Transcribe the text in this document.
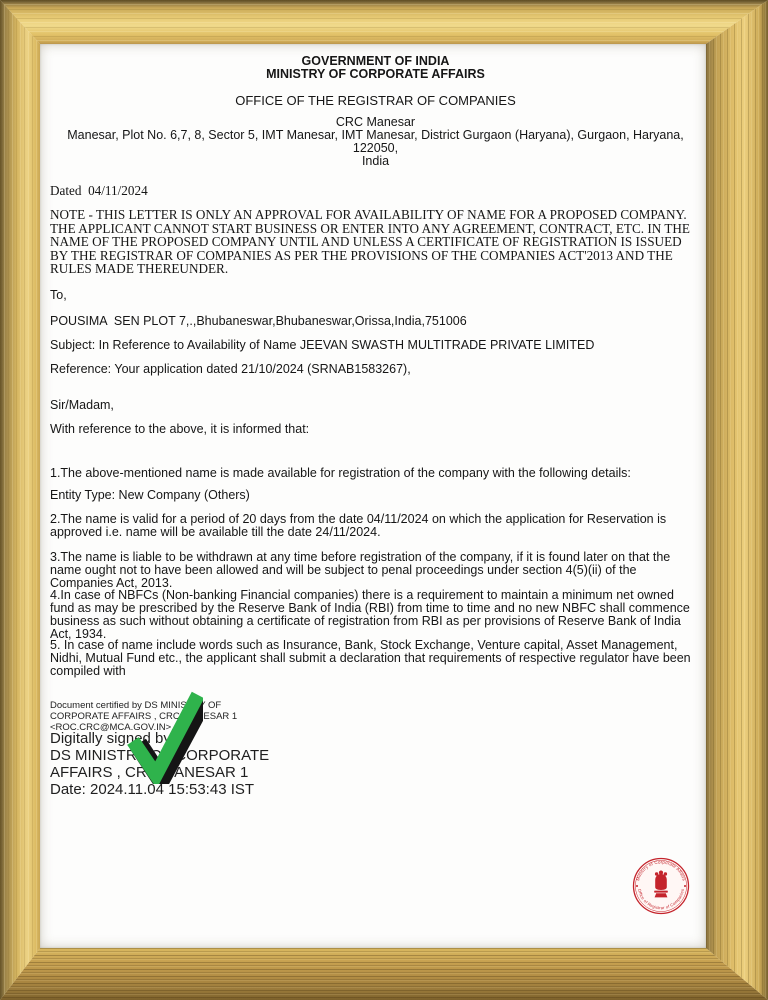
GOVERNMENT OF INDIA
MINISTRY OF CORPORATE AFFAIRS
OFFICE OF THE REGISTRAR OF COMPANIES
CRC Manesar
Manesar, Plot No. 6,7, 8, Sector 5, IMT Manesar, IMT Manesar, District Gurgaon (Haryana), Gurgaon, Haryana, 122050,
India
Dated  04/11/2024
NOTE - THIS LETTER IS ONLY AN APPROVAL FOR AVAILABILITY OF NAME FOR A PROPOSED COMPANY. THE APPLICANT CANNOT START BUSINESS OR ENTER INTO ANY AGREEMENT, CONTRACT, ETC. IN THE NAME OF THE PROPOSED COMPANY UNTIL AND UNLESS A CERTIFICATE OF REGISTRATION IS ISSUED BY THE REGISTRAR OF COMPANIES AS PER THE PROVISIONS OF THE COMPANIES ACT'2013 AND THE RULES MADE THEREUNDER.
To,
POUSIMA  SEN PLOT 7,.,Bhubaneswar,Bhubaneswar,Orissa,India,751006
Subject: In Reference to Availability of Name JEEVAN SWASTH MULTITRADE PRIVATE LIMITED
Reference: Your application dated 21/10/2024 (SRNAB1583267),
Sir/Madam,
With reference to the above, it is informed that:
1.The above-mentioned name is made available for registration of the company with the following details:
Entity Type: New Company (Others)
2.The name is valid for a period of 20 days from the date 04/11/2024 on which the application for Reservation is approved i.e. name will be available till the date 24/11/2024.
3.The name is liable to be withdrawn at any time before registration of the company, if it is found later on that the name ought not to have been allowed and will be subject to penal proceedings under section 4(5)(ii) of the Companies Act, 2013.
4.In case of NBFCs (Non-banking Financial companies) there is a requirement to maintain a minimum net owned fund as may be prescribed by the Reserve Bank of India (RBI) from time to time and no new NBFC shall commence business as such without obtaining a certificate of registration from RBI as per provisions of Reserve Bank of India Act, 1934.
5. In case of name include words such as Insurance, Bank, Stock Exchange, Venture capital, Asset Management, Nidhi, Mutual Fund etc., the applicant shall submit a declaration that requirements of respective regulator have been compiled with
Document certified by DS MINISTRY OF CORPORATE AFFAIRS , CRC MANESAR 1 <ROC.CRC@MCA.GOV.IN>.
Digitally signed by
DS MINISTRY OF CORPORATE
AFFAIRS , CRC MANESAR 1
Date: 2024.11.04 15:53:43 IST
Ministry of Corporate Affairs
Office of Registrar of Companies
